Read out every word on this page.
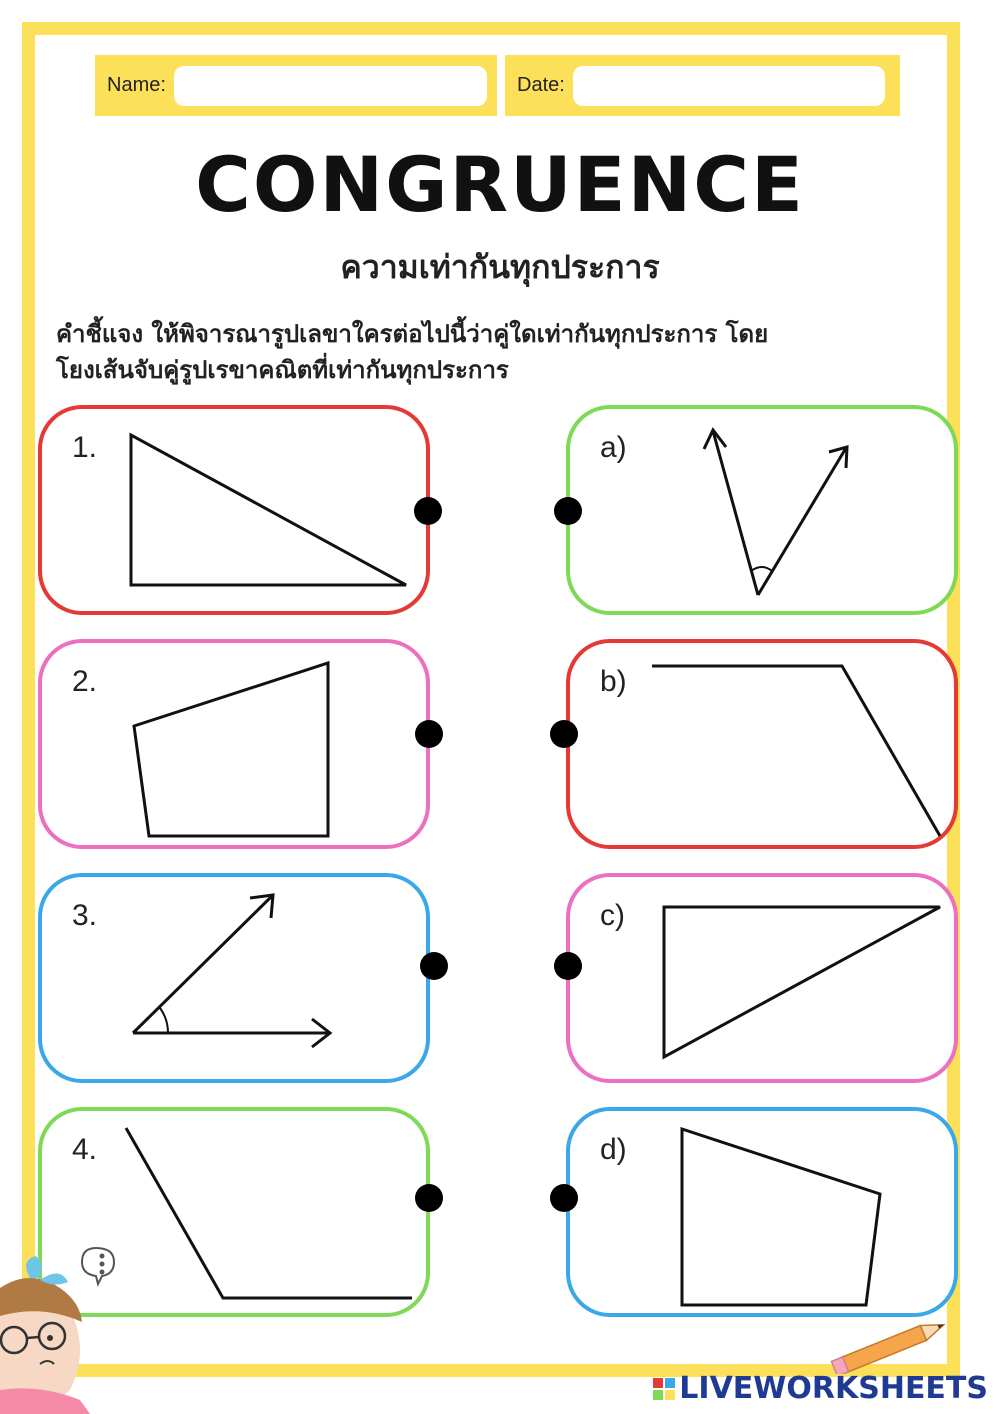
Name:	Date:
CONGRUENCE
ความเท่ากันทุกประการ
คำชี้แจง ให้พิจารณารูปเลขาใครต่อไปนี้ว่าคู่ใดเท่ากันทุกประการ โดย
โยงเส้นจับคู่รูปเรขาคณิตที่เท่ากันทุกประการ
1.
2.
3.
4.
a)
b)
c)
d)
LIVEWORKSHEETS
